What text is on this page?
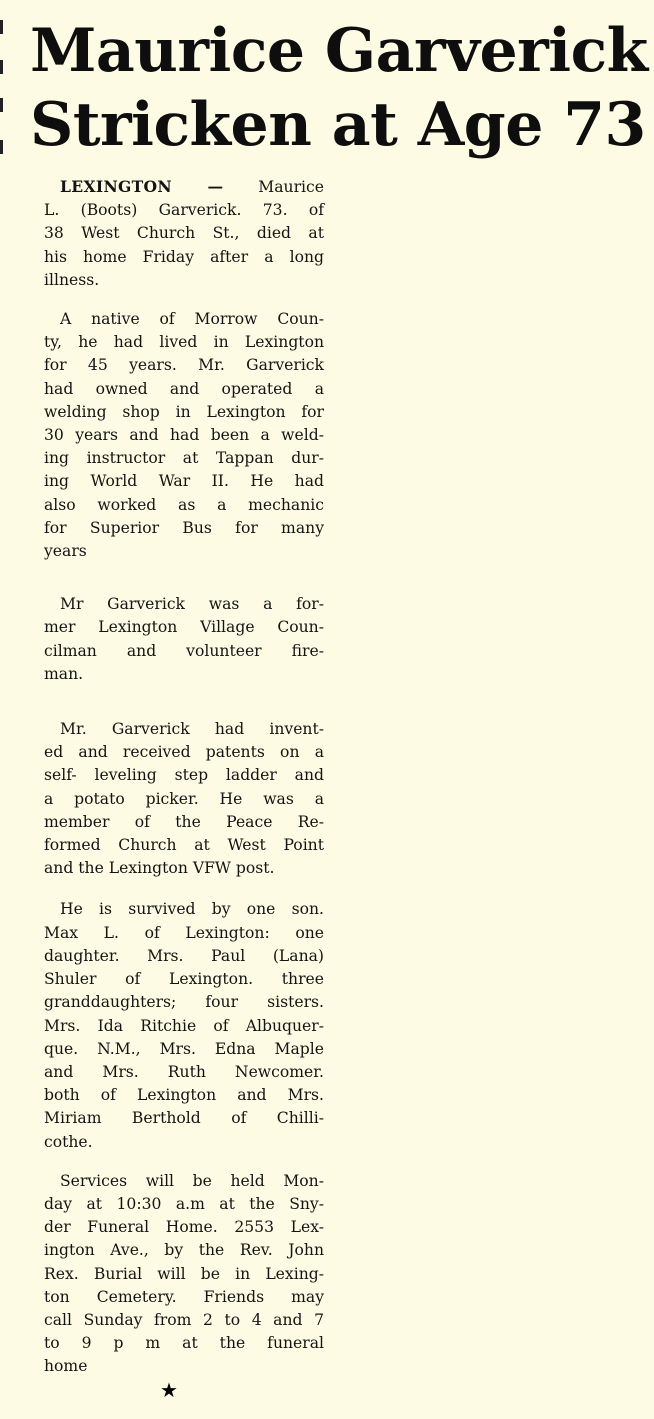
Maurice Garverick
Stricken at Age 73

LEXINGTON — Maurice
L. (Boots) Garverick. 73. of
38 West Church St., died at
his home Friday after a long
illness.

A native of Morrow Coun-
ty, he had lived in Lexington
for 45 years. Mr. Garverick
had owned and operated a
welding shop in Lexington for
30 years and had been a weld-
ing instructor at Tappan dur-
ing World War II. He had
also worked as a mechanic
for Superior Bus for many
years

Mr Garverick was a for-
mer Lexington Village Coun-
cilman and volunteer fire-
man.

Mr. Garverick had invent-
ed and received patents on a
self- leveling step ladder and
a potato picker. He was a
member of the Peace Re-
formed Church at West Point
and the Lexington VFW post.

He is survived by one son.
Max L. of Lexington: one
daughter. Mrs. Paul (Lana)
Shuler of Lexington. three
granddaughters; four sisters.
Mrs. Ida Ritchie of Albuquer-
que. N.M., Mrs. Edna Maple
and Mrs. Ruth Newcomer.
both of Lexington and Mrs.
Miriam Berthold of Chilli-
cothe.

Services will be held Mon-
day at 10:30 a.m at the Sny-
der Funeral Home. 2553 Lex-
ington Ave., by the Rev. John
Rex. Burial will be in Lexing-
ton Cemetery. Friends may
call Sunday from 2 to 4 and 7
to 9 p m at the funeral
home

★
